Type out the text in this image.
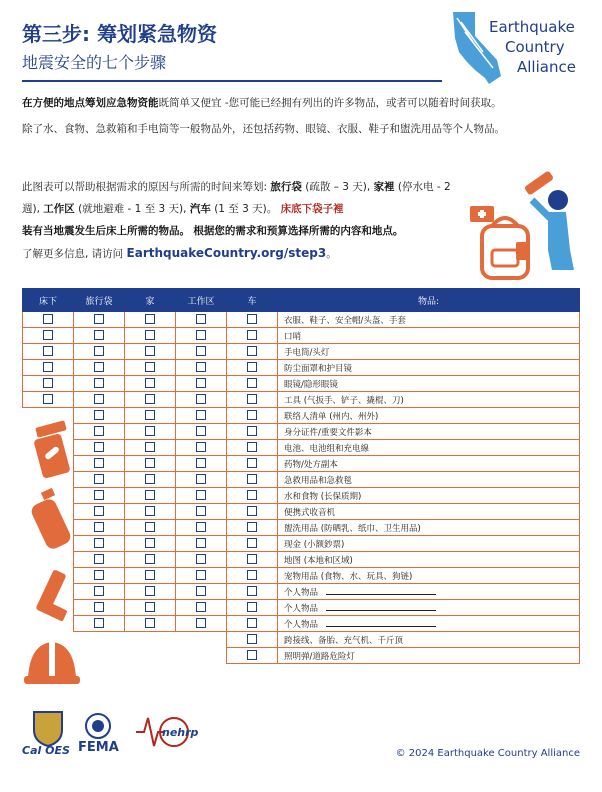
第三步: 筹划紧急物资
地震安全的七个步骤
Earthquake
Country
Alliance
在方便的地点筹划应急物资能既简单又便宜 -您可能已经拥有列出的许多物品，或者可以随着时间获取。
除了水、食物、急救箱和手电筒等一般物品外，还包括药物、眼镜、衣服、鞋子和盥洗用品等个人物品。
此图表可以帮助根据需求的原因与所需的时间来筹划: 旅行袋 (疏散 – 3 天), 家裡 (停水电 - 2 週), 工作区 (就地避难 - 1 至 3 天), 汽车 (1 至 3 天)。 床底下袋子裡
装有当地震发生后床上所需的物品。 根据您的需求和预算选择所需的内容和地点。
了解更多信息, 请访问 EarthquakeCountry.org/step3。
床下	旅行袋	家	工作区	车	物品:
					衣服、鞋子、安全帽/头盔、手套
					口哨
					手电筒/头灯
					防尘面罩和护目镜
					眼镜/隐形眼镜
					工具 (气扳手、铲子、撬棍、刀)
					联络人清单 (州内、州外)
					身分证件/重要文件影本
					电池、电池组和充电線
					药物/处方副本
					急救用品和急救毯
					水和食物 (长保质期)
					便携式收音机
					盥洗用品 (防晒乳、纸巾、卫生用品)
					现金 (小额鈔票)
					地图 (本地和区域)
					宠物用品 (食物、水、玩具、狗链)
					个人物品
					个人物品
					个人物品
					跨接线、备胎、充气机、千斤顶
					照明弹/道路危险灯
Cal OES FEMA
nehrp
© 2024 Earthquake Country Alliance
